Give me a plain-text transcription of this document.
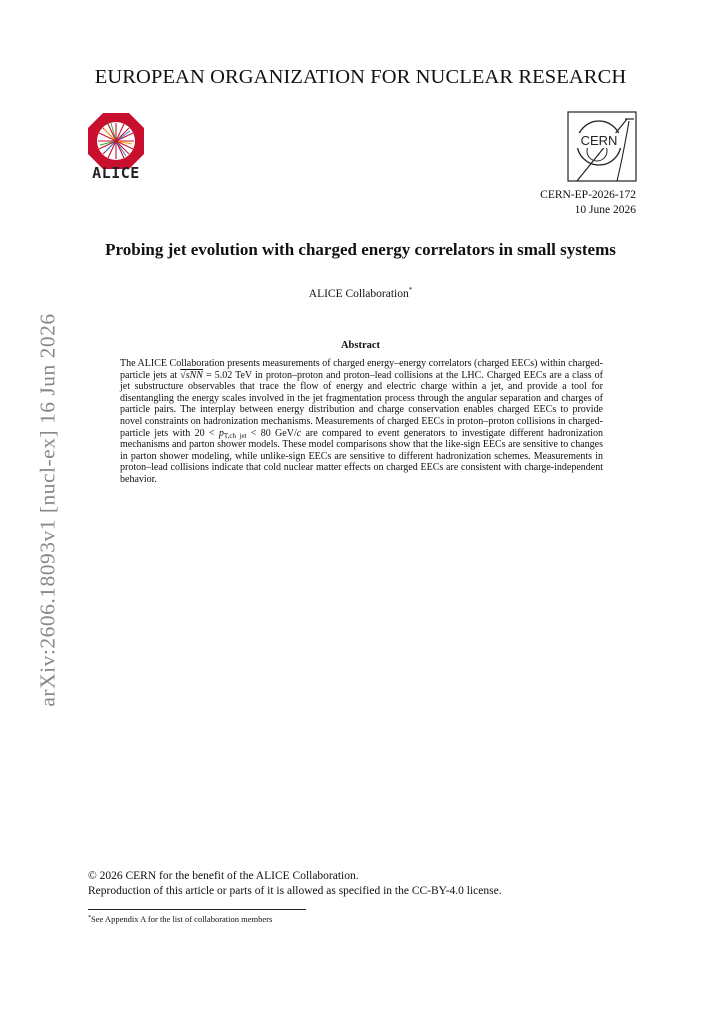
EUROPEAN ORGANIZATION FOR NUCLEAR RESEARCH
ALICE
CERN
CERN-EP-2026-172
10 June 2026
Probing jet evolution with charged energy correlators in small systems
ALICE Collaboration*
Abstract
The ALICE Collaboration presents measurements of charged energy–energy correlators (charged EECs) within charged-particle jets at √sNN = 5.02 TeV in proton–proton and proton–lead collisions at the LHC. Charged EECs are a class of jet substructure observables that trace the flow of energy and electric charge within a jet, and provide a tool for disentangling the energy scales involved in the jet fragmentation process through the angular separation and charges of particle pairs. The interplay between energy distribution and charge conservation enables charged EECs to provide novel constraints on hadronization mechanisms. Measurements of charged EECs in proton–proton collisions in charged-particle jets with $20 < p_{T,ch jet} < 80$ GeV/c are compared to event generators to investigate different hadronization mechanisms and parton shower models. These model comparisons show that the like-sign EECs are sensitive to changes in parton shower modeling, while unlike-sign EECs are sensitive to different hadronization schemes. Measurements in proton–lead collisions indicate that cold nuclear matter effects on charged EECs are consistent with charge-independent behavior.
arXiv:2606.18093v1 [nucl-ex] 16 Jun 2026
© 2026 CERN for the benefit of the ALICE Collaboration.
Reproduction of this article or parts of it is allowed as specified in the CC-BY-4.0 license.
*See Appendix A for the list of collaboration members
